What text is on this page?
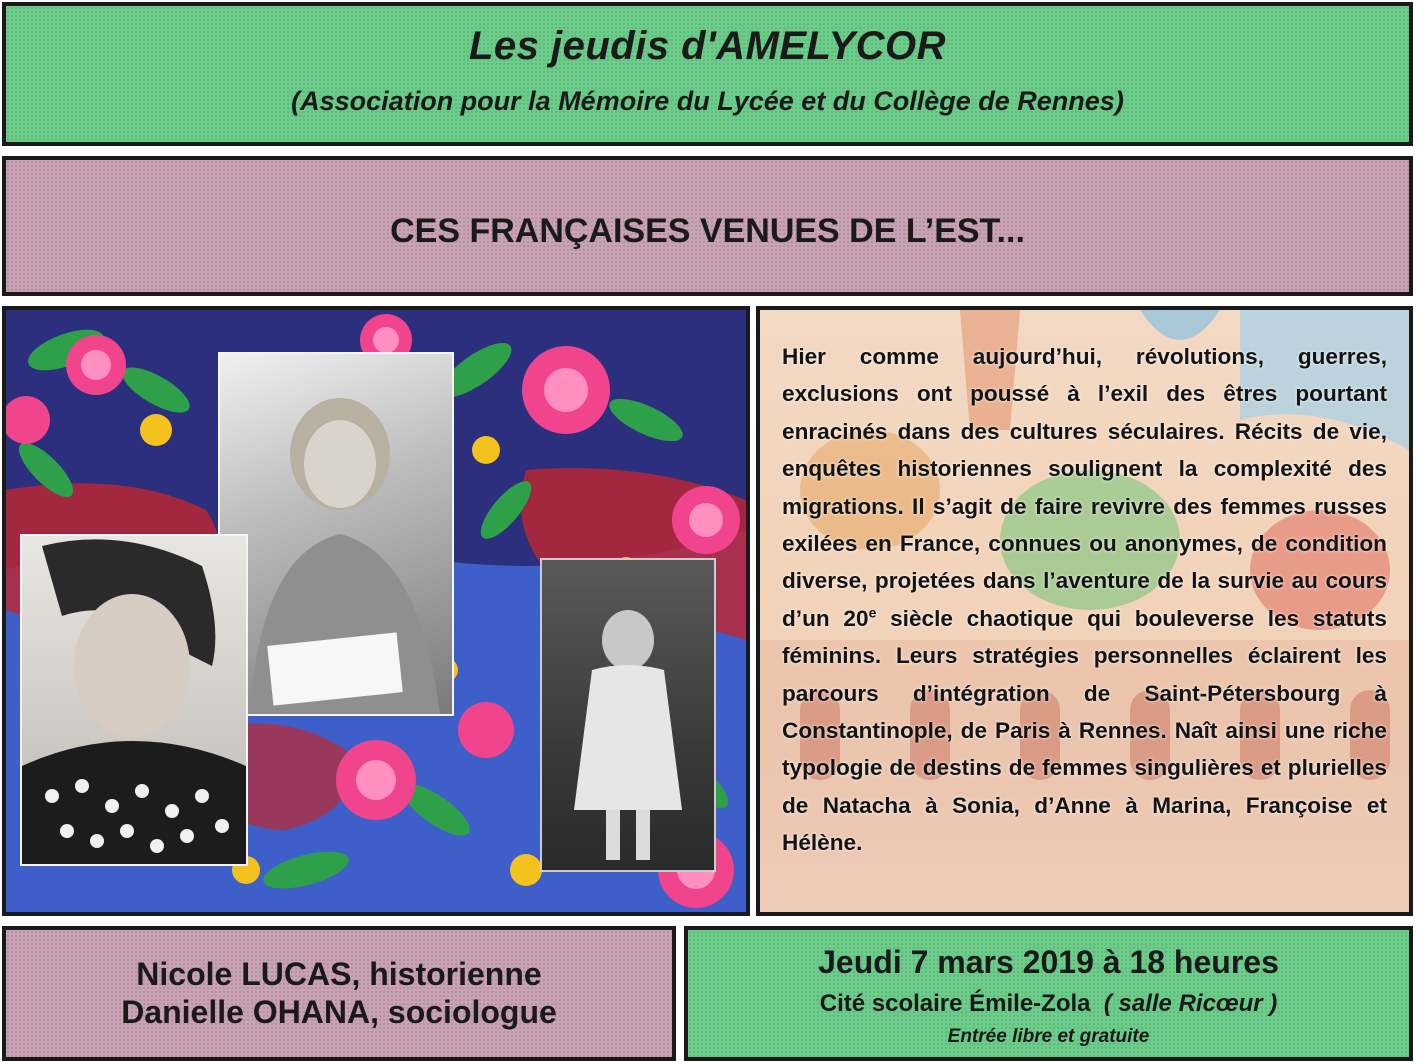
Les jeudis d'AMELYCOR
(Association pour la Mémoire du Lycée et du Collège de Rennes)
CES FRANÇAISES VENUES DE L’EST...
Hier comme aujourd’hui, révolutions, guerres, exclusions ont poussé à l’exil des êtres pourtant enracinés dans des cultures séculaires. Récits de vie, enquêtes historiennes soulignent la complexité des migrations. Il s’agit de faire revivre des femmes russes exilées en France, connues ou anonymes, de condition diverse, projetées dans l’aventure de la survie au cours d’un 20e siècle chaotique qui bouleverse les statuts féminins. Leurs stratégies personnelles éclairent les parcours d’intégration de Saint-Pétersbourg à Constantinople, de Paris à Rennes. Naît ainsi une riche typologie de destins de femmes singulières et plurielles de Natacha à Sonia, d’Anne à Marina, Françoise et Hélène.
Nicole LUCAS, historienne
Danielle OHANA, sociologue
Jeudi 7 mars 2019 à 18 heures
Cité scolaire Émile-Zola ( salle Ricœur )
Entrée libre et gratuite
